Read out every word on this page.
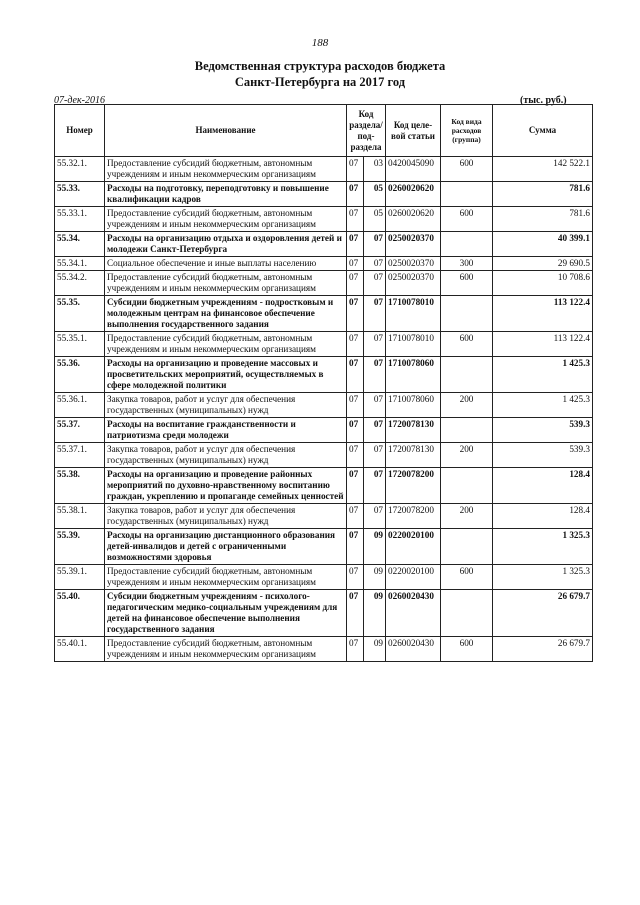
188
Ведомственная структура расходов бюджета
Санкт-Петербурга на 2017 год
07-дек-2016	(тыс. руб.)
Номер	Наименование	Код раздела/ под-раздела		Код целе-вой статьи	Код вида расходов (группа)	Сумма
55.32.1.	Предоставление субсидий бюджетным, автономным учреждениям и иным некоммерческим организациям	07	03	0420045090	600	142 522.1
55.33.	Расходы на подготовку, переподготовку и повышение квалификации кадров	07	05	0260020620		781.6
55.33.1.	Предоставление субсидий бюджетным, автономным учреждениям и иным некоммерческим организациям	07	05	0260020620	600	781.6
55.34.	Расходы на организацию отдыха и оздоровления детей и молодежи Санкт-Петербурга	07	07	0250020370		40 399.1
55.34.1.	Социальное обеспечение и иные выплаты населению	07	07	0250020370	300	29 690.5
55.34.2.	Предоставление субсидий бюджетным, автономным учреждениям и иным некоммерческим организациям	07	07	0250020370	600	10 708.6
55.35.	Субсидии бюджетным учреждениям - подростковым и молодежным центрам на финансовое обеспечение выполнения государственного задания	07	07	1710078010		113 122.4
55.35.1.	Предоставление субсидий бюджетным, автономным учреждениям и иным некоммерческим организациям	07	07	1710078010	600	113 122.4
55.36.	Расходы на организацию и проведение массовых и просветительских мероприятий, осуществляемых в сфере молодежной политики	07	07	1710078060		1 425.3
55.36.1.	Закупка товаров, работ и услуг для обеспечения государственных (муниципальных) нужд	07	07	1710078060	200	1 425.3
55.37.	Расходы на воспитание гражданственности и патриотизма среди молодежи	07	07	1720078130		539.3
55.37.1.	Закупка товаров, работ и услуг для обеспечения государственных (муниципальных) нужд	07	07	1720078130	200	539.3
55.38.	Расходы на организацию и проведение районных мероприятий по духовно-нравственному воспитанию граждан, укреплению и пропаганде семейных ценностей	07	07	1720078200		128.4
55.38.1.	Закупка товаров, работ и услуг для обеспечения государственных (муниципальных) нужд	07	07	1720078200	200	128.4
55.39.	Расходы на организацию дистанционного образования детей-инвалидов и детей с ограниченными возможностями здоровья	07	09	0220020100		1 325.3
55.39.1.	Предоставление субсидий бюджетным, автономным учреждениям и иным некоммерческим организациям	07	09	0220020100	600	1 325.3
55.40.	Субсидии бюджетным учреждениям - психолого-педагогическим медико-социальным учреждениям для детей на финансовое обеспечение выполнения государственного задания	07	09	0260020430		26 679.7
55.40.1.	Предоставление субсидий бюджетным, автономным учреждениям и иным некоммерческим организациям	07	09	0260020430	600	26 679.7
